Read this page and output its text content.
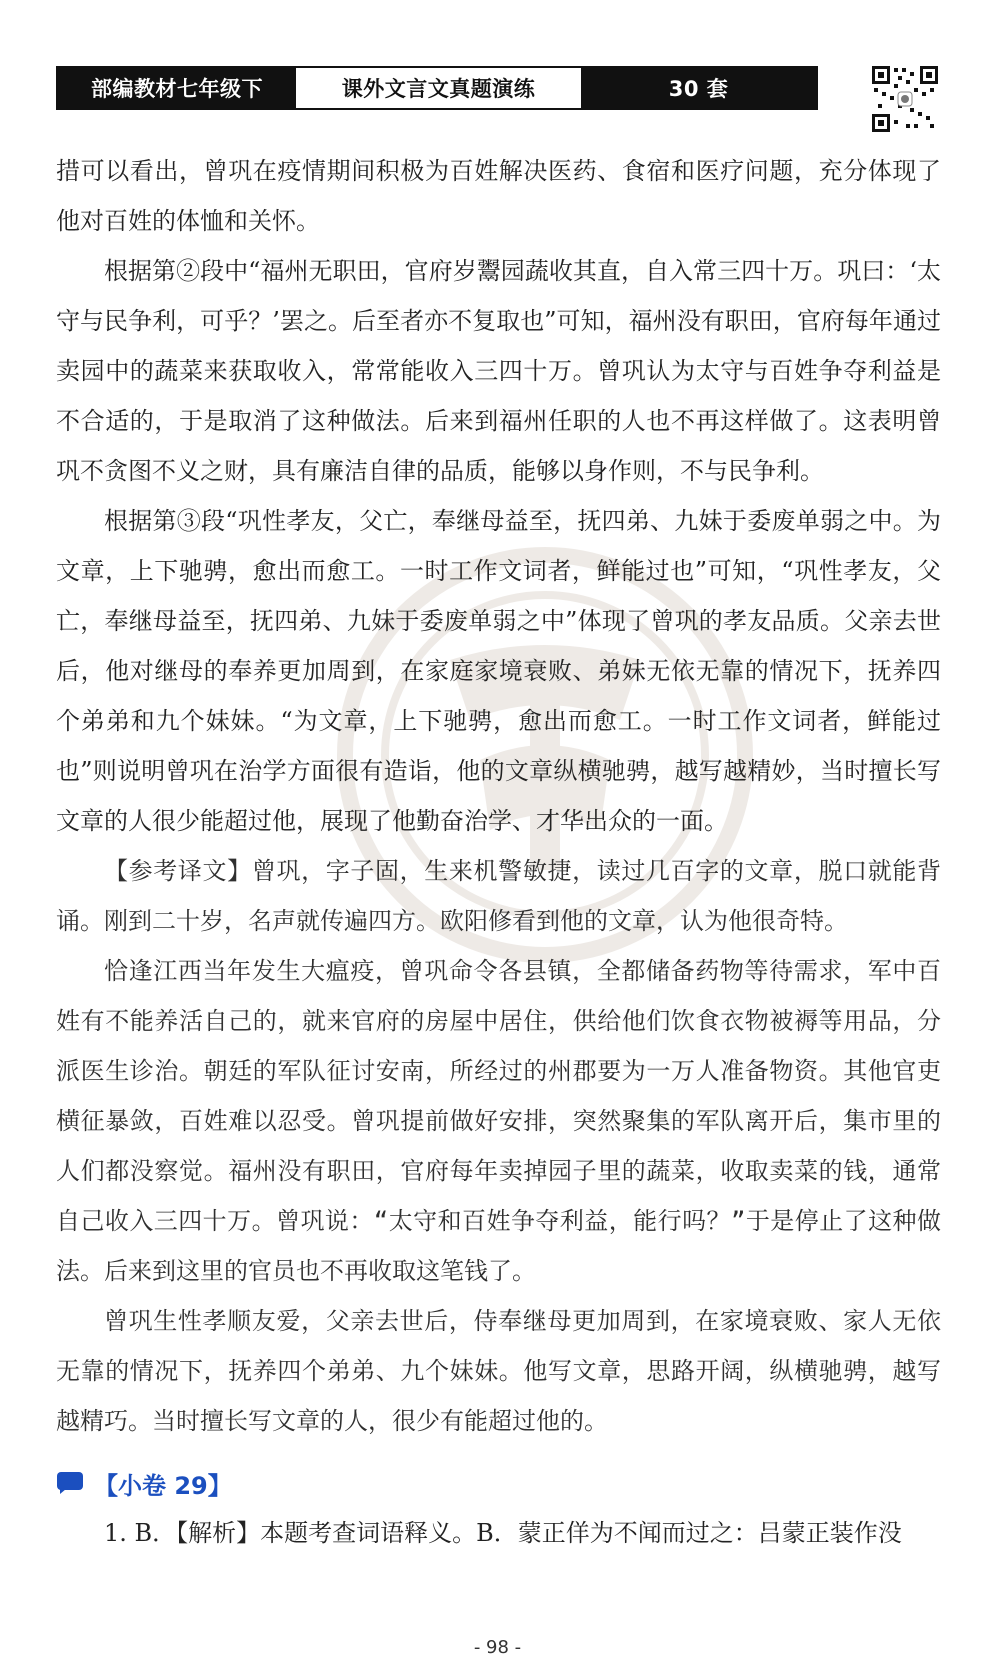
部编教材七年级下	课外文言文真题演练	30 套

措可以看出，曾巩在疫情期间积极为百姓解决医药、食宿和医疗问题，充分体现了他对百姓的体恤和关怀。

根据第②段中“福州无职田，官府岁鬻园蔬收其直，自入常三四十万。巩曰：‘太守与民争利，可乎？’罢之。后至者亦不复取也”可知，福州没有职田，官府每年通过卖园中的蔬菜来获取收入，常常能收入三四十万。曾巩认为太守与百姓争夺利益是不合适的，于是取消了这种做法。后来到福州任职的人也不再这样做了。这表明曾巩不贪图不义之财，具有廉洁自律的品质，能够以身作则，不与民争利。

根据第③段“巩性孝友，父亡，奉继母益至，抚四弟、九妹于委废单弱之中。为文章，上下驰骋，愈出而愈工。一时工作文词者，鲜能过也”可知，“巩性孝友，父亡，奉继母益至，抚四弟、九妹于委废单弱之中”体现了曾巩的孝友品质。父亲去世后，他对继母的奉养更加周到，在家庭家境衰败、弟妹无依无靠的情况下，抚养四个弟弟和九个妹妹。“为文章，上下驰骋，愈出而愈工。一时工作文词者，鲜能过也”则说明曾巩在治学方面很有造诣，他的文章纵横驰骋，越写越精妙，当时擅长写文章的人很少能超过他，展现了他勤奋治学、才华出众的一面。

【参考译文】曾巩，字子固，生来机警敏捷，读过几百字的文章，脱口就能背诵。刚到二十岁，名声就传遍四方。欧阳修看到他的文章，认为他很奇特。

恰逢江西当年发生大瘟疫，曾巩命令各县镇，全都储备药物等待需求，军中百姓有不能养活自己的，就来官府的房屋中居住，供给他们饮食衣物被褥等用品，分派医生诊治。朝廷的军队征讨安南，所经过的州郡要为一万人准备物资。其他官吏横征暴敛，百姓难以忍受。曾巩提前做好安排，突然聚集的军队离开后，集市里的人们都没察觉。福州没有职田，官府每年卖掉园子里的蔬菜，收取卖菜的钱，通常自己收入三四十万。曾巩说：“太守和百姓争夺利益，能行吗？”于是停止了这种做法。后来到这里的官员也不再收取这笔钱了。

曾巩生性孝顺友爱，父亲去世后，侍奉继母更加周到，在家境衰败、家人无依无靠的情况下，抚养四个弟弟、九个妹妹。他写文章，思路开阔，纵横驰骋，越写越精巧。当时擅长写文章的人，很少有能超过他的。

【小卷 29】

1. B．【解析】本题考查词语释义。B．蒙正佯为不闻而过之：吕蒙正装作没

- 98 -
